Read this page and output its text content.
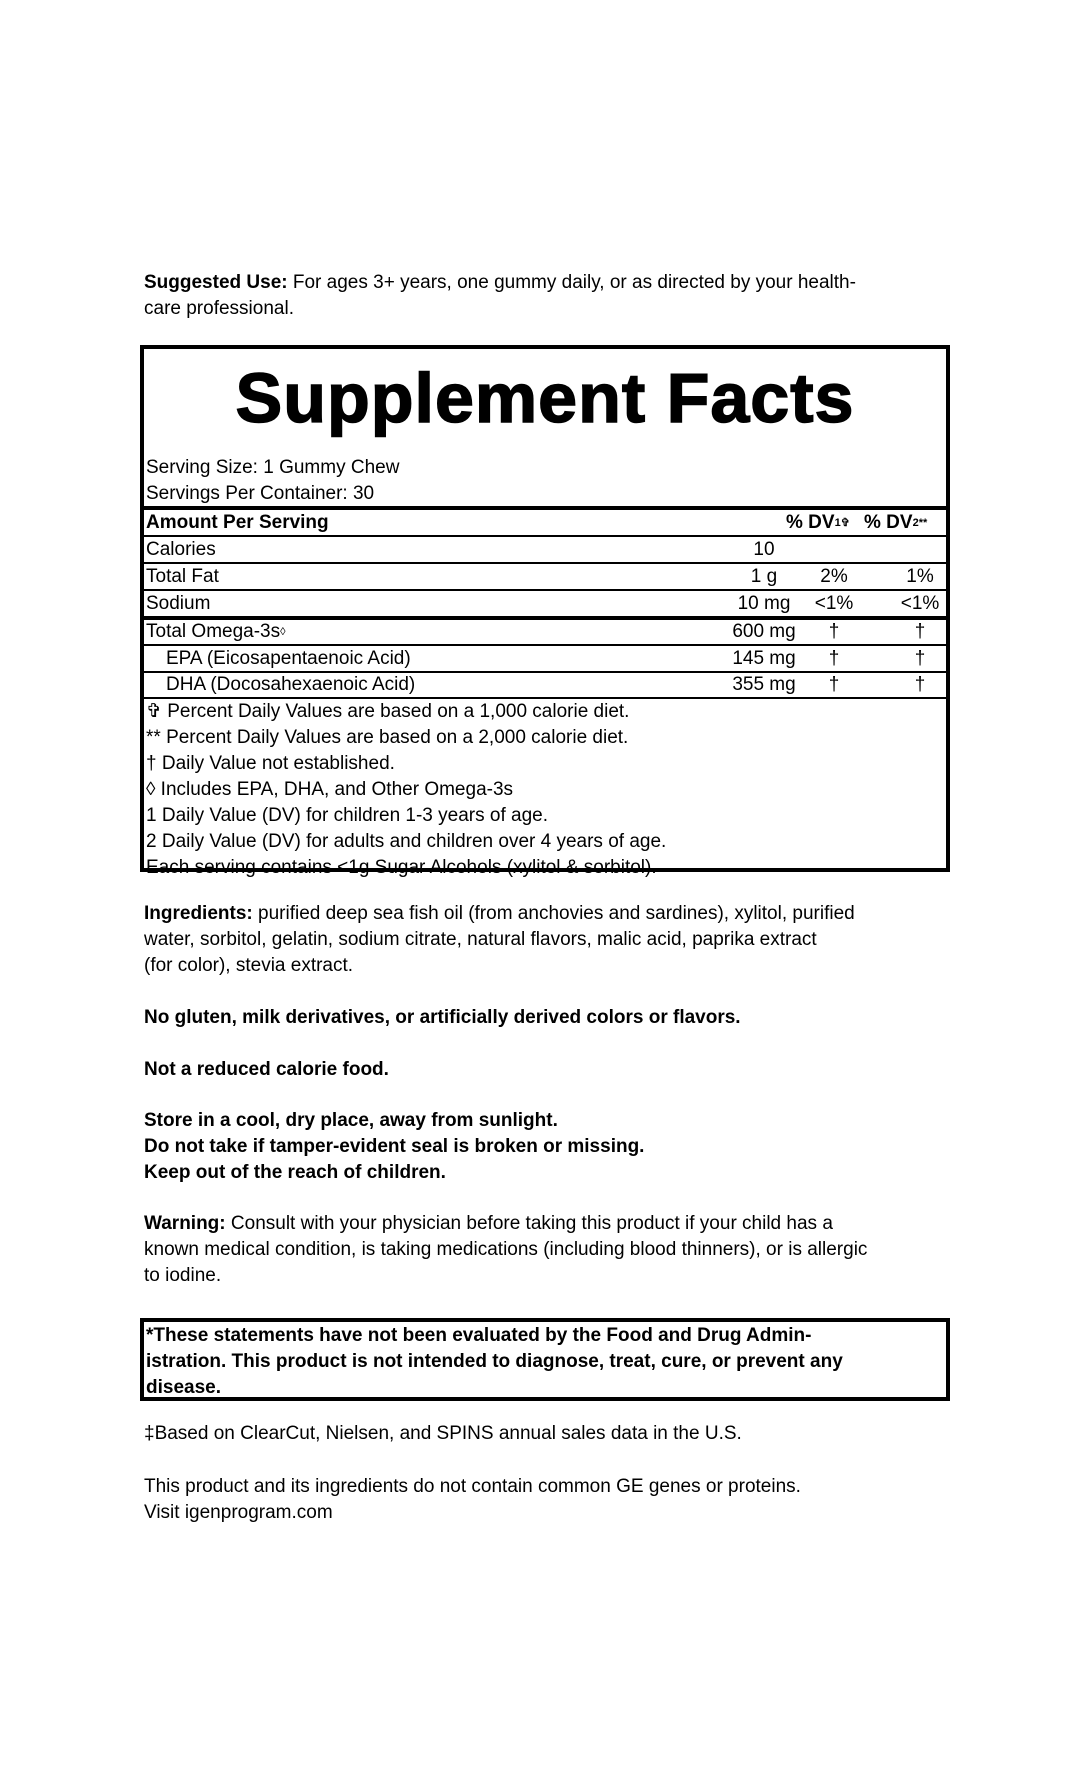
Suggested Use: For ages 3+ years, one gummy daily, or as directed by your health-
care professional.
Supplement Facts
Serving Size: 1 Gummy Chew
Servings Per Container: 30
Amount Per Serving	% $DV^{1✞}$ % $DV^{2**}$
Calories	10
Total Fat	1 g	2%	1%
Sodium	10 mg	<1%	<1%
Total Omega-3s◊	600 mg	†	†
EPA (Eicosapentaenoic Acid)	145 mg	†	†
DHA (Docosahexaenoic Acid)	355 mg	†	†
✞ Percent Daily Values are based on a 1,000 calorie diet.
** Percent Daily Values are based on a 2,000 calorie diet.
† Daily Value not established.
◊ Includes EPA, DHA, and Other Omega-3s
1 Daily Value (DV) for children 1-3 years of age.
2 Daily Value (DV) for adults and children over 4 years of age.
Each serving contains <1g Sugar Alcohols (xylitol & sorbitol).
Ingredients: purified deep sea fish oil (from anchovies and sardines), xylitol, purified
water, sorbitol, gelatin, sodium citrate, natural flavors, malic acid, paprika extract
(for color), stevia extract.
No gluten, milk derivatives, or artificially derived colors or flavors.
Not a reduced calorie food.
Store in a cool, dry place, away from sunlight.
Do not take if tamper-evident seal is broken or missing.
Keep out of the reach of children.
Warning: Consult with your physician before taking this product if your child has a
known medical condition, is taking medications (including blood thinners), or is allergic
to iodine.
*These statements have not been evaluated by the Food and Drug Admin-
istration. This product is not intended to diagnose, treat, cure, or prevent any
disease.
‡Based on ClearCut, Nielsen, and SPINS annual sales data in the U.S.
This product and its ingredients do not contain common GE genes or proteins.
Visit igenprogram.com
